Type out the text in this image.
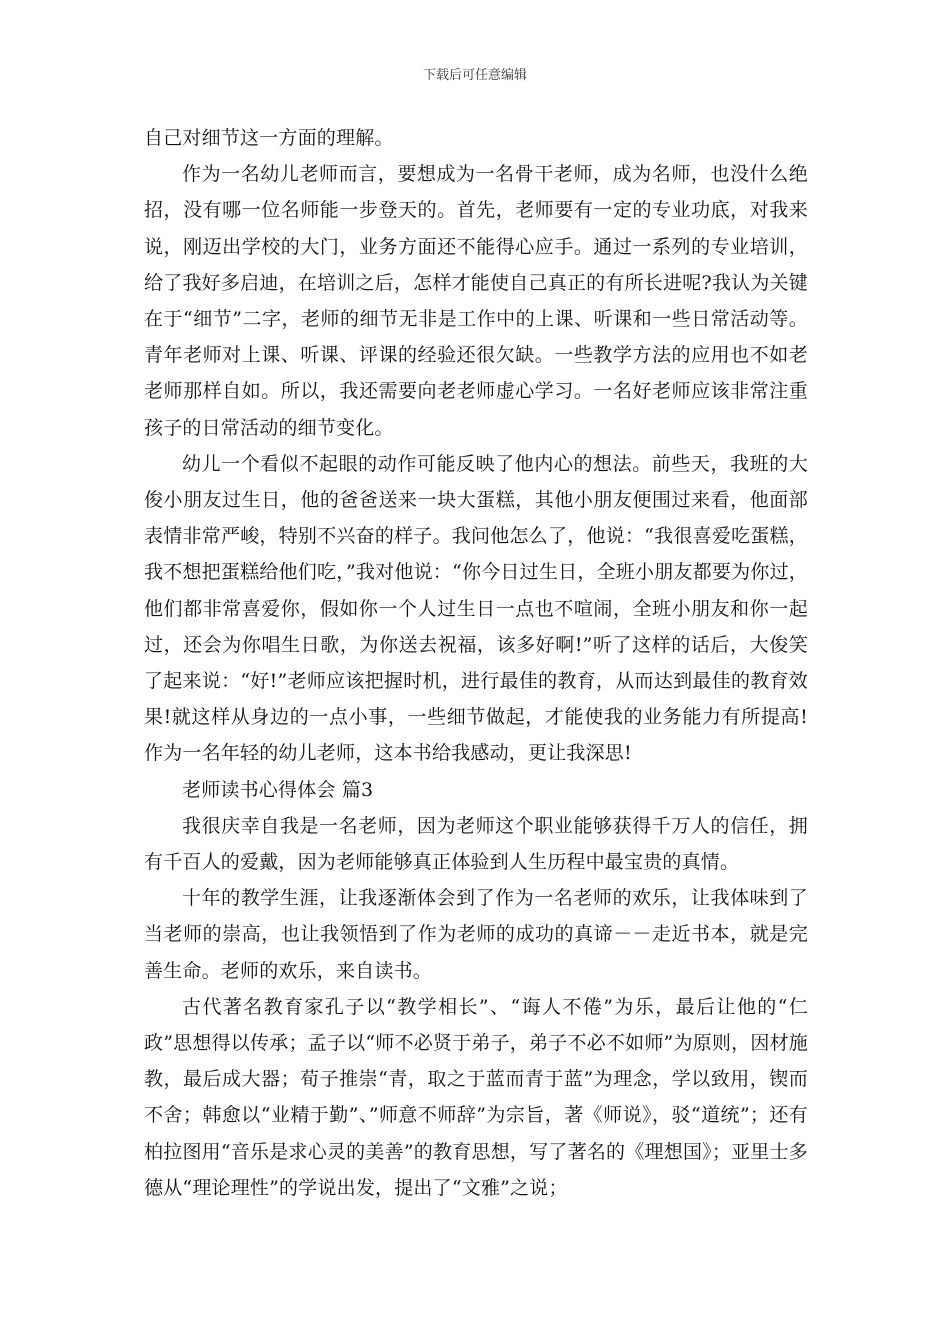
下载后可任意编辑

自己对细节这一方面的理解。

作为一名幼儿老师而言，要想成为一名骨干老师，成为名师，也没什么绝招，没有哪一位名师能一步登天的。首先，老师要有一定的专业功底，对我来说，刚迈出学校的大门，业务方面还不能得心应手。通过一系列的专业培训，给了我好多启迪，在培训之后，怎样才能使自己真正的有所长进呢?我认为关键在于“细节”二字，老师的细节无非是工作中的上课、听课和一些日常活动等。青年老师对上课、听课、评课的经验还很欠缺。一些教学方法的应用也不如老老师那样自如。所以，我还需要向老老师虚心学习。一名好老师应该非常注重孩子的日常活动的细节变化。

幼儿一个看似不起眼的动作可能反映了他内心的想法。前些天，我班的大俊小朋友过生日，他的爸爸送来一块大蛋糕，其他小朋友便围过来看，他面部表情非常严峻，特别不兴奋的样子。我问他怎么了，他说：“我很喜爱吃蛋糕，我不想把蛋糕给他们吃，”我对他说：“你今日过生日，全班小朋友都要为你过，他们都非常喜爱你，假如你一个人过生日一点也不喧闹，全班小朋友和你一起过，还会为你唱生日歌，为你送去祝福，该多好啊!”听了这样的话后，大俊笑了起来说：“好!”老师应该把握时机，进行最佳的教育，从而达到最佳的教育效果!就这样从身边的一点小事，一些细节做起，才能使我的业务能力有所提高!作为一名年轻的幼儿老师，这本书给我感动，更让我深思!

老师读书心得体会 篇3

我很庆幸自我是一名老师，因为老师这个职业能够获得千万人的信任，拥有千百人的爱戴，因为老师能够真正体验到人生历程中最宝贵的真情。

十年的教学生涯，让我逐渐体会到了作为一名老师的欢乐，让我体味到了当老师的崇高，也让我领悟到了作为老师的成功的真谛－－走近书本，就是完善生命。老师的欢乐，来自读书。

古代著名教育家孔子以“教学相长”、“诲人不倦”为乐，最后让他的“仁政”思想得以传承；孟子以“师不必贤于弟子，弟子不必不如师”为原则，因材施教，最后成大器；荀子推崇“青，取之于蓝而青于蓝”为理念，学以致用，锲而不舍；韩愈以“业精于勤”、”师意不师辞”为宗旨，著《师说》，驳“道统”；还有柏拉图用“音乐是求心灵的美善”的教育思想，写了著名的《理想国》；亚里士多德从“理论理性”的学说出发，提出了“文雅”之说；
